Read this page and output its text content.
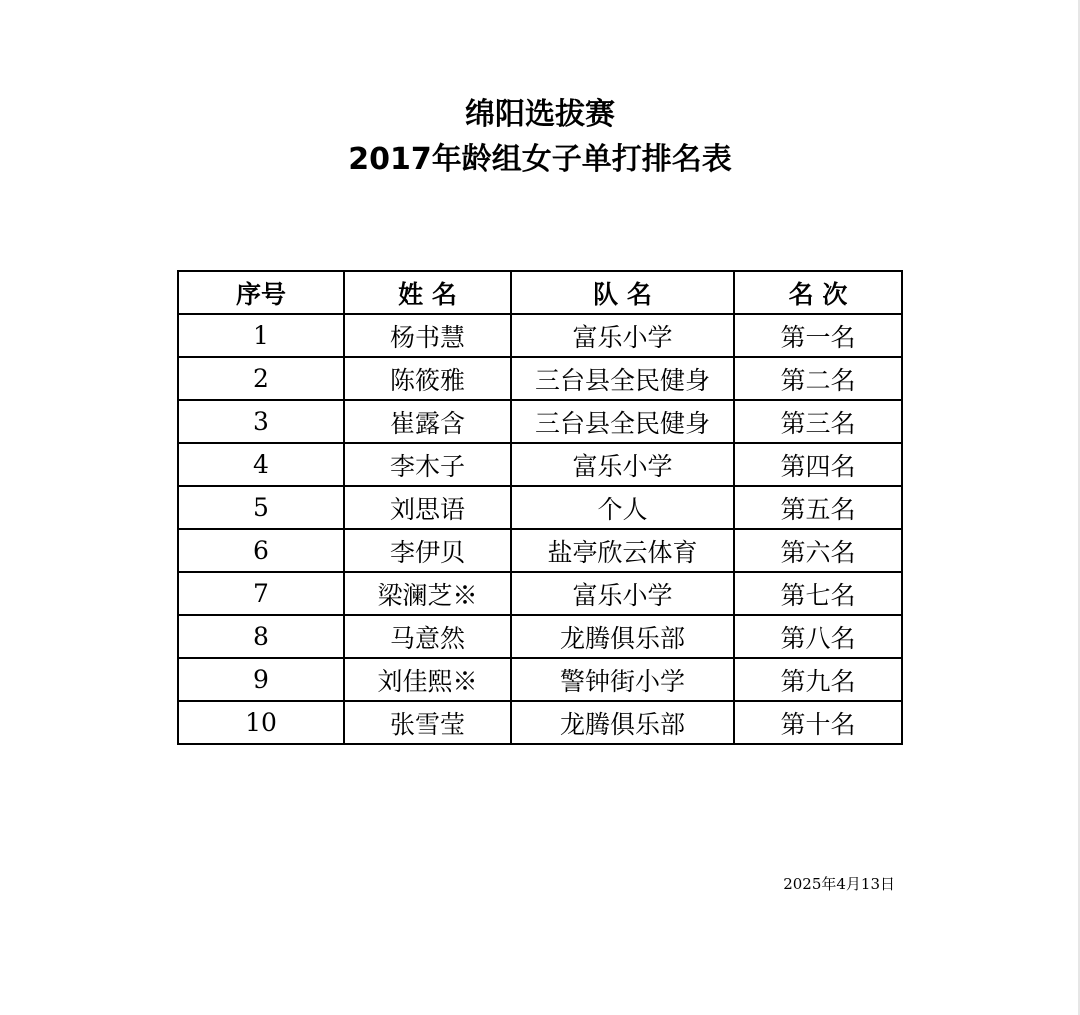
绵阳选拔赛
2017年龄组女子单打排名表
序号	姓 名	队 名	名 次
1	杨书慧	富乐小学	第一名
2	陈筱雅	三台县全民健身	第二名
3	崔露含	三台县全民健身	第三名
4	李木子	富乐小学	第四名
5	刘思语	个人	第五名
6	李伊贝	盐亭欣云体育	第六名
7	梁澜芝※	富乐小学	第七名
8	马意然	龙腾俱乐部	第八名
9	刘佳熙※	警钟街小学	第九名
10	张雪莹	龙腾俱乐部	第十名
2025年4月13日
